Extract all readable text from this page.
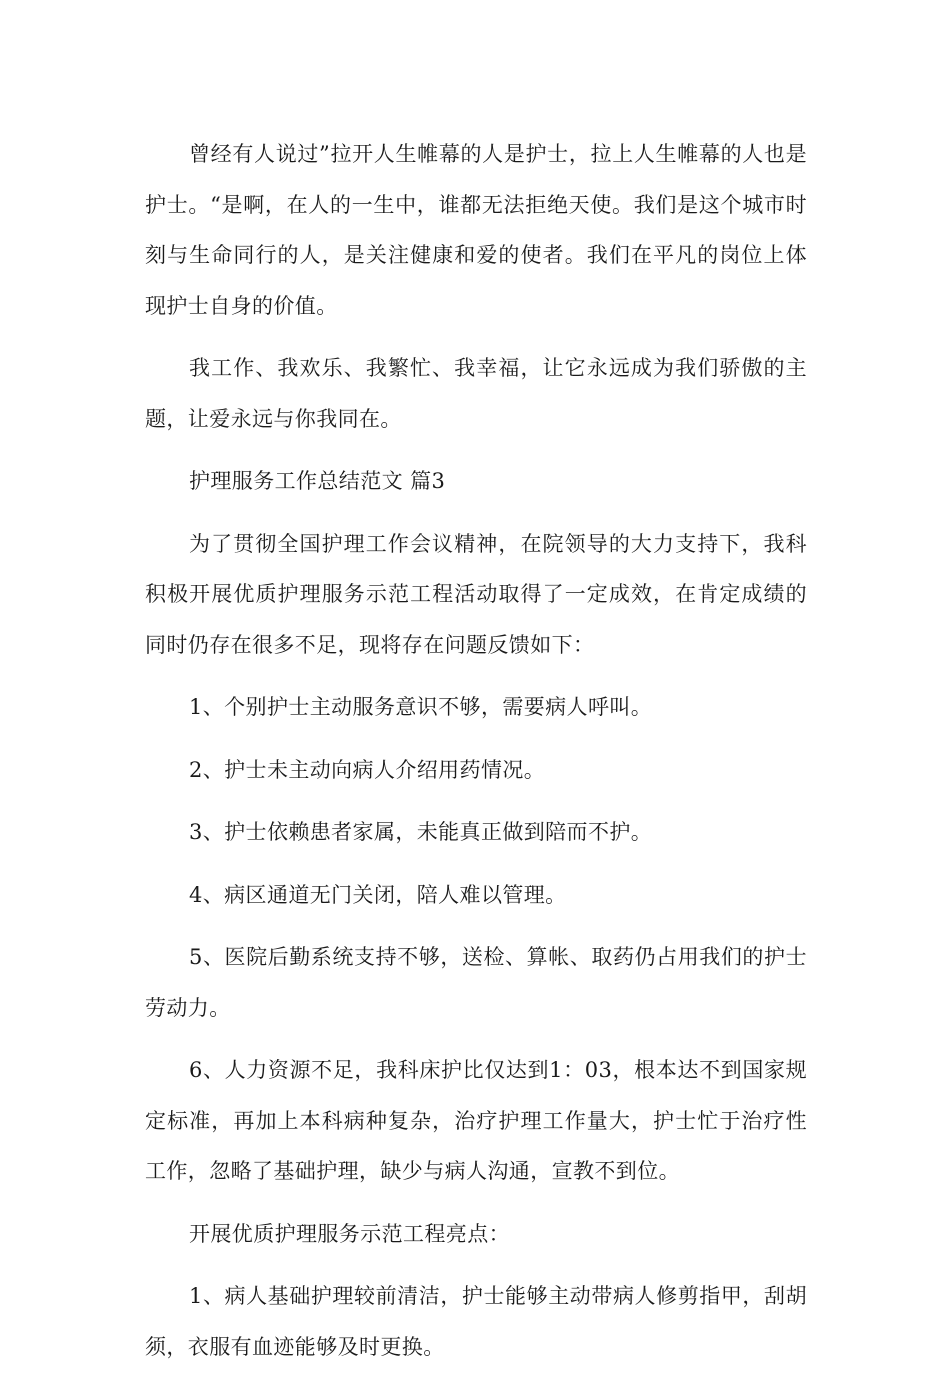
曾经有人说过”拉开人生帷幕的人是护士，拉上人生帷幕的人也是护士。“是啊，在人的一生中，谁都无法拒绝天使。我们是这个城市时刻与生命同行的人，是关注健康和爱的使者。我们在平凡的岗位上体现护士自身的价值。

我工作、我欢乐、我繁忙、我幸福，让它永远成为我们骄傲的主题，让爱永远与你我同在。

护理服务工作总结范文 篇3

为了贯彻全国护理工作会议精神，在院领导的大力支持下，我科积极开展优质护理服务示范工程活动取得了一定成效，在肯定成绩的同时仍存在很多不足，现将存在问题反馈如下：

1、个别护士主动服务意识不够，需要病人呼叫。

2、护士未主动向病人介绍用药情况。

3、护士依赖患者家属，未能真正做到陪而不护。

4、病区通道无门关闭，陪人难以管理。

5、医院后勤系统支持不够，送检、算帐、取药仍占用我们的护士劳动力。

6、人力资源不足，我科床护比仅达到1：03，根本达不到国家规定标准，再加上本科病种复杂，治疗护理工作量大，护士忙于治疗性工作，忽略了基础护理，缺少与病人沟通，宣教不到位。

开展优质护理服务示范工程亮点：

1、病人基础护理较前清洁，护士能够主动带病人修剪指甲，刮胡须，衣服有血迹能够及时更换。
